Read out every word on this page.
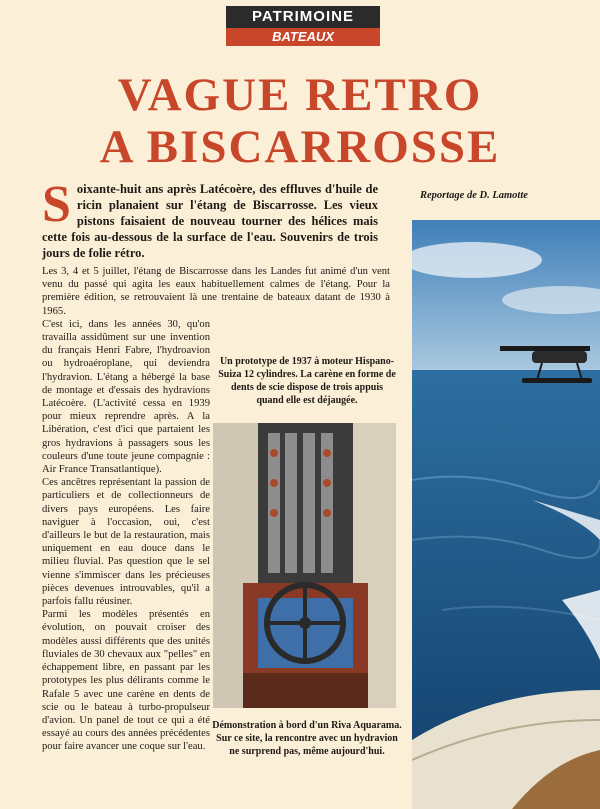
PATRIMOINE
BATEAUX
VAGUE RETRO
A BISCARROSSE
S oixante-huit ans après Latécoère, des effluves d'huile de ricin planaient sur l'étang de Biscarrosse. Les vieux pistons faisaient de nouveau tourner des hélices mais cette fois au-dessous de la surface de l'eau. Souvenirs de trois jours de folie rétro.
Reportage de D. Lamotte

Les 3, 4 et 5 juillet, l'étang de Biscarrosse dans les Landes fut animé d'un vent venu du passé qui agita les eaux habituellement calmes de l'étang. Pour la première édition, se retrouvaient là une trentaine de bateaux datant de 1930 à 1965.

C'est ici, dans les années 30, qu'on travailla assidûment sur une invention du français Henri Fabre, l'hydroavion ou hydroaéroplane, qui deviendra l'hydravion. L'étang a hébergé la base de montage et d'essais des hydravions Latécoère. (L'activité cessa en 1939 pour mieux reprendre après. A la Libération, c'est d'ici que partaient les gros hydravions à passagers sous les couleurs d'une toute jeune compagnie : Air France Transatlantique).

Ces ancêtres représentant la passion de particuliers et de collectionneurs de divers pays européens. Les faire naviguer à l'occasion, oui, c'est d'ailleurs le but de la restauration, mais uniquement en eau douce dans le milieu fluvial. Pas question que le sel vienne s'immiscer dans les précieuses pièces devenues introuvables, qu'il a parfois fallu réusiner.

Parmi les modèles présentés en évolution, on pouvait croiser des modèles aussi différents que des unités fluviales de 30 chevaux aux "pelles" en échappement libre, en passant par les prototypes les plus délirants comme le Rafale 5 avec une carène en dents de scie ou le bateau à turbo-propulseur d'avion. Un panel de tout ce qui a été essayé au cours des années précédentes pour faire avancer une coque sur l'eau.

Un prototype de 1937 à moteur Hispano-Suiza 12 cylindres. La carène en forme de dents de scie dispose de trois appuis quand elle est déjaugée.
Démonstration à bord d'un Riva Aquarama. Sur ce site, la rencontre avec un hydravion ne surprend pas, même aujourd'hui.
